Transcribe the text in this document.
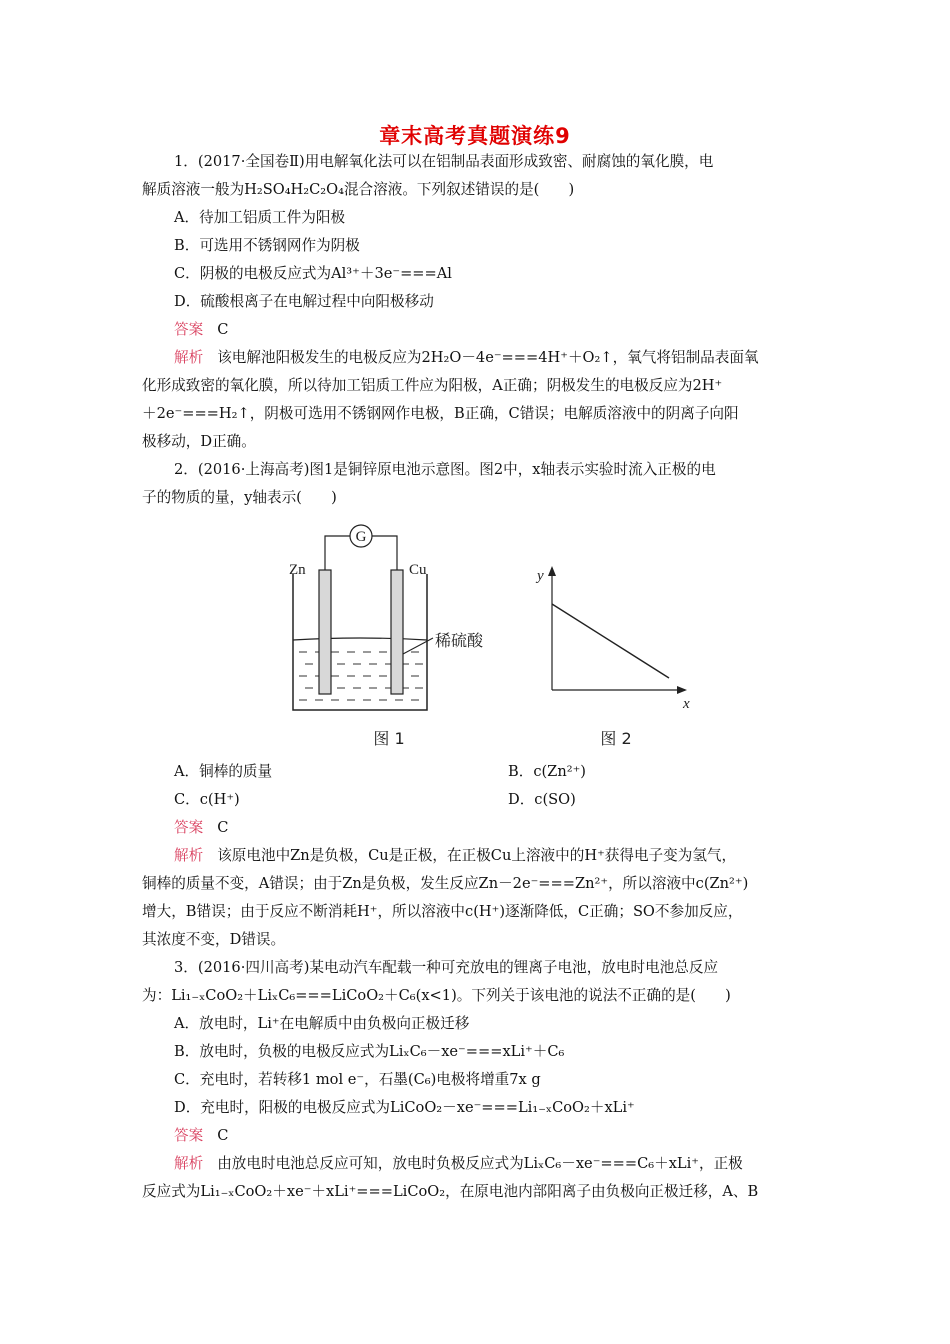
章末高考真题演练9
1．(2017·全国卷Ⅱ)用电解氧化法可以在铝制品表面形成致密、耐腐蚀的氧化膜，电
解质溶液一般为H₂SO₄H₂C₂O₄混合溶液。下列叙述错误的是(　　)
A．待加工铝质工件为阳极
B．可选用不锈钢网作为阴极
C．阴极的电极反应式为Al³⁺＋3e⁻===Al
D．硫酸根离子在电解过程中向阳极移动
答案 C
解析 该电解池阳极发生的电极反应为2H₂O－4e⁻===4H⁺＋O₂↑，氧气将铝制品表面氧
化形成致密的氧化膜，所以待加工铝质工件应为阳极，A正确；阴极发生的电极反应为2H⁺
＋2e⁻===H₂↑，阴极可选用不锈钢网作电极，B正确，C错误；电解质溶液中的阴离子向阳
极移动，D正确。
2．(2016·上海高考)图1是铜锌原电池示意图。图2中，x轴表示实验时流入正极的电
子的物质的量，y轴表示(　　)
G
Zn	Cu
稀硫酸
图 1
y
x
图 2
A．铜棒的质量	B．c(Zn²⁺)
C．c(H⁺)	D．c(SO)
答案 C
解析 该原电池中Zn是负极，Cu是正极，在正极Cu上溶液中的H⁺获得电子变为氢气，
铜棒的质量不变，A错误；由于Zn是负极，发生反应Zn－2e⁻===Zn²⁺，所以溶液中c(Zn²⁺)
增大，B错误；由于反应不断消耗H⁺，所以溶液中c(H⁺)逐渐降低，C正确；SO不参加反应，
其浓度不变，D错误。
3．(2016·四川高考)某电动汽车配载一种可充放电的锂离子电池，放电时电池总反应
为：Li₁₋ₓCoO₂＋LiₓC₆===LiCoO₂＋C₆(x<1)。下列关于该电池的说法不正确的是(　　)
A．放电时，Li⁺在电解质中由负极向正极迁移
B．放电时，负极的电极反应式为LiₓC₆－xe⁻===xLi⁺＋C₆
C．充电时，若转移1 mol e⁻，石墨(C₆)电极将增重7x g
D．充电时，阳极的电极反应式为LiCoO₂－xe⁻===Li₁₋ₓCoO₂＋xLi⁺
答案 C
解析 由放电时电池总反应可知，放电时负极反应式为LiₓC₆－xe⁻===C₆＋xLi⁺，正极
反应式为Li₁₋ₓCoO₂＋xe⁻＋xLi⁺===LiCoO₂，在原电池内部阳离子由负极向正极迁移，A、B
